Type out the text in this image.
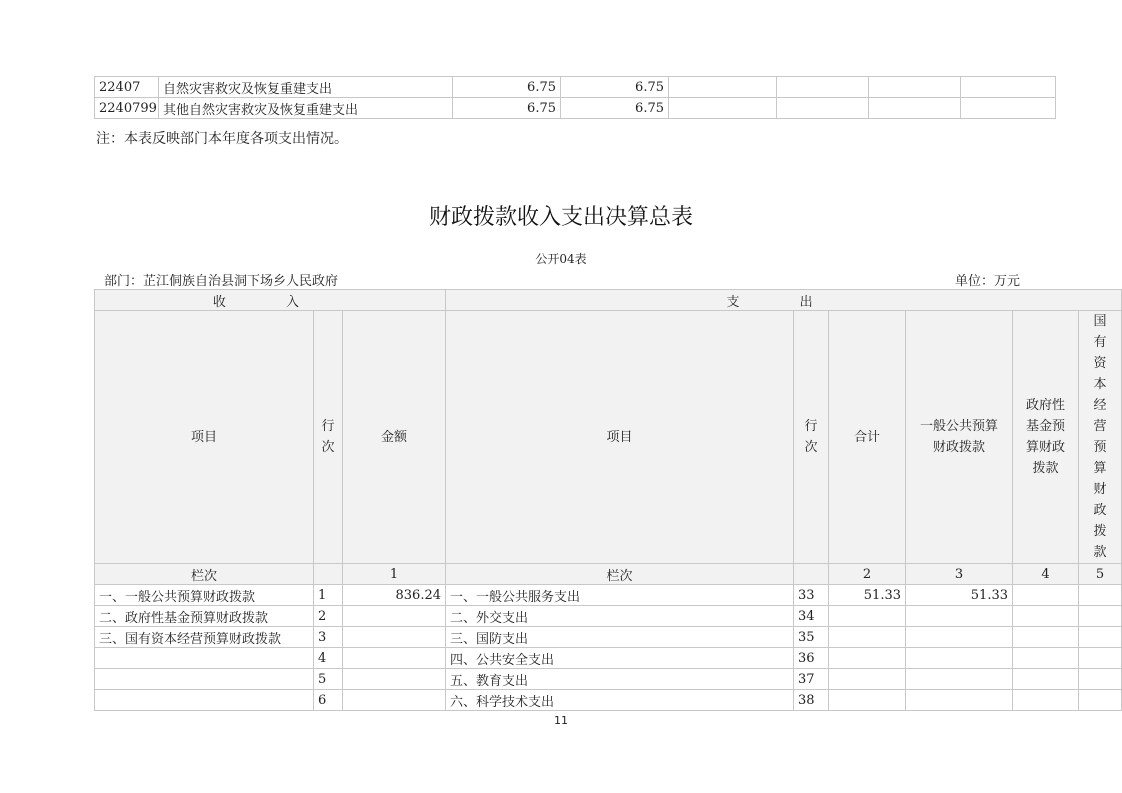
22407	自然灾害救灾及恢复重建支出	6.75	6.75				
2240799	其他自然灾害救灾及恢复重建支出	6.75	6.75				
注：本表反映部门本年度各项支出情况。
财政拨款收入支出决算总表
公开04表
部门：芷江侗族自治县洞下场乡人民政府	单位：万元
收 入			支 出					
项目	行次	金额	项目	行次	合计	一般公共预算财政拨款	政府性基金预算财政拨款	国有资本经营预算财政拨款
栏次		1	栏次		2	3	4	5
一、一般公共预算财政拨款	1	836.24	一、一般公共服务支出	33	51.33	51.33		
二、政府性基金预算财政拨款	2		二、外交支出	34				
三、国有资本经营预算财政拨款	3		三、国防支出	35				
	4		四、公共安全支出	36				
	5		五、教育支出	37				
	6		六、科学技术支出	38				
11
